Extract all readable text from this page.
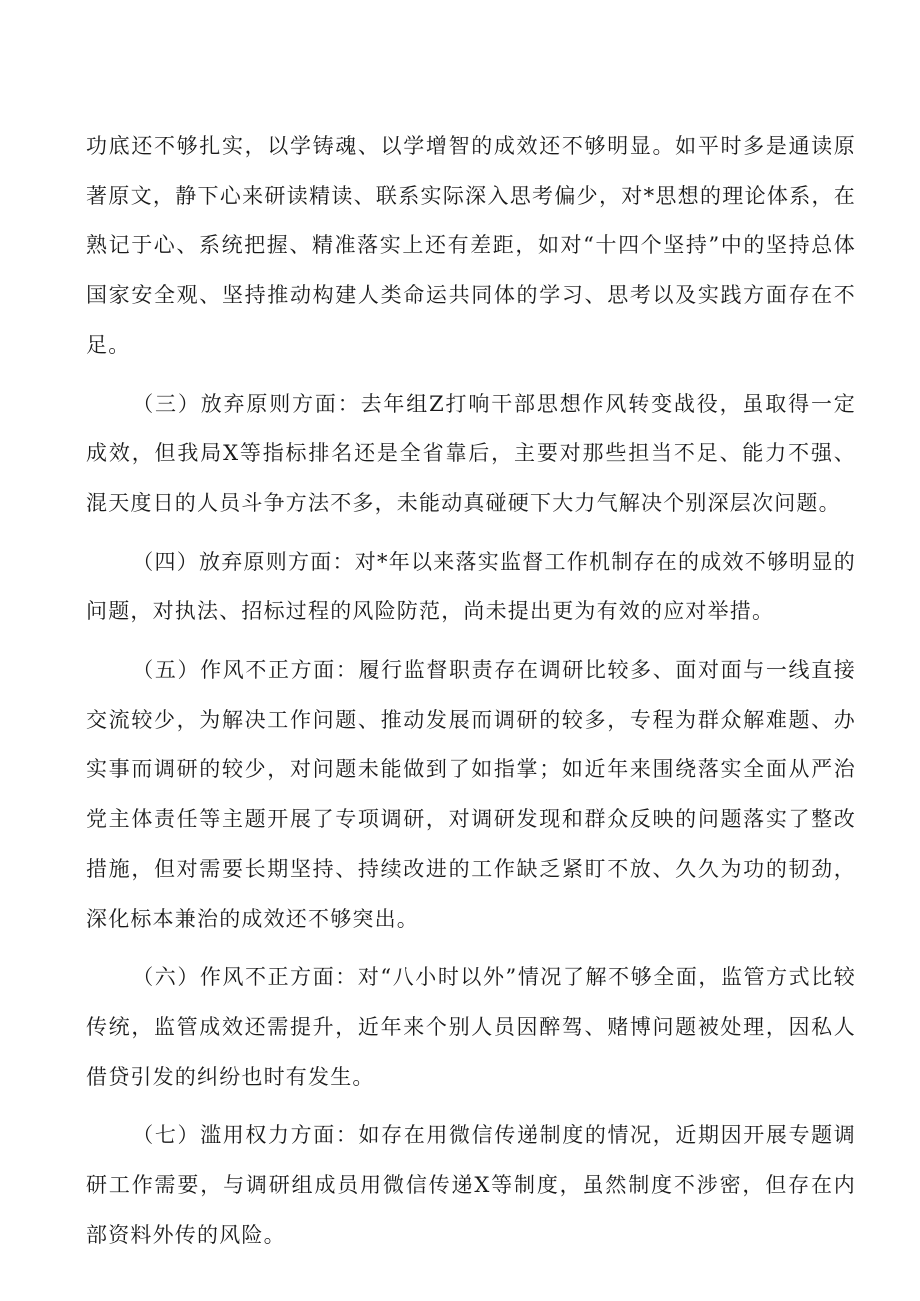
功底还不够扎实，以学铸魂、以学增智的成效还不够明显。如平时多是通读原著原文，静下心来研读精读、联系实际深入思考偏少，对*思想的理论体系，在熟记于心、系统把握、精准落实上还有差距，如对“十四个坚持”中的坚持总体国家安全观、坚持推动构建人类命运共同体的学习、思考以及实践方面存在不足。

（三）放弃原则方面：去年组Z打响干部思想作风转变战役，虽取得一定成效，但我局X等指标排名还是全省靠后，主要对那些担当不足、能力不强、混天度日的人员斗争方法不多，未能动真碰硬下大力气解决个别深层次问题。

（四）放弃原则方面：对*年以来落实监督工作机制存在的成效不够明显的问题，对执法、招标过程的风险防范，尚未提出更为有效的应对举措。

（五）作风不正方面：履行监督职责存在调研比较多、面对面与一线直接交流较少，为解决工作问题、推动发展而调研的较多，专程为群众解难题、办实事而调研的较少，对问题未能做到了如指掌；如近年来围绕落实全面从严治党主体责任等主题开展了专项调研，对调研发现和群众反映的问题落实了整改措施，但对需要长期坚持、持续改进的工作缺乏紧盯不放、久久为功的韧劲，深化标本兼治的成效还不够突出。

（六）作风不正方面：对“八小时以外”情况了解不够全面，监管方式比较传统，监管成效还需提升，近年来个别人员因醉驾、赌博问题被处理，因私人借贷引发的纠纷也时有发生。

（七）滥用权力方面：如存在用微信传递制度的情况，近期因开展专题调研工作需要，与调研组成员用微信传递X等制度，虽然制度不涉密，但存在内部资料外传的风险。
